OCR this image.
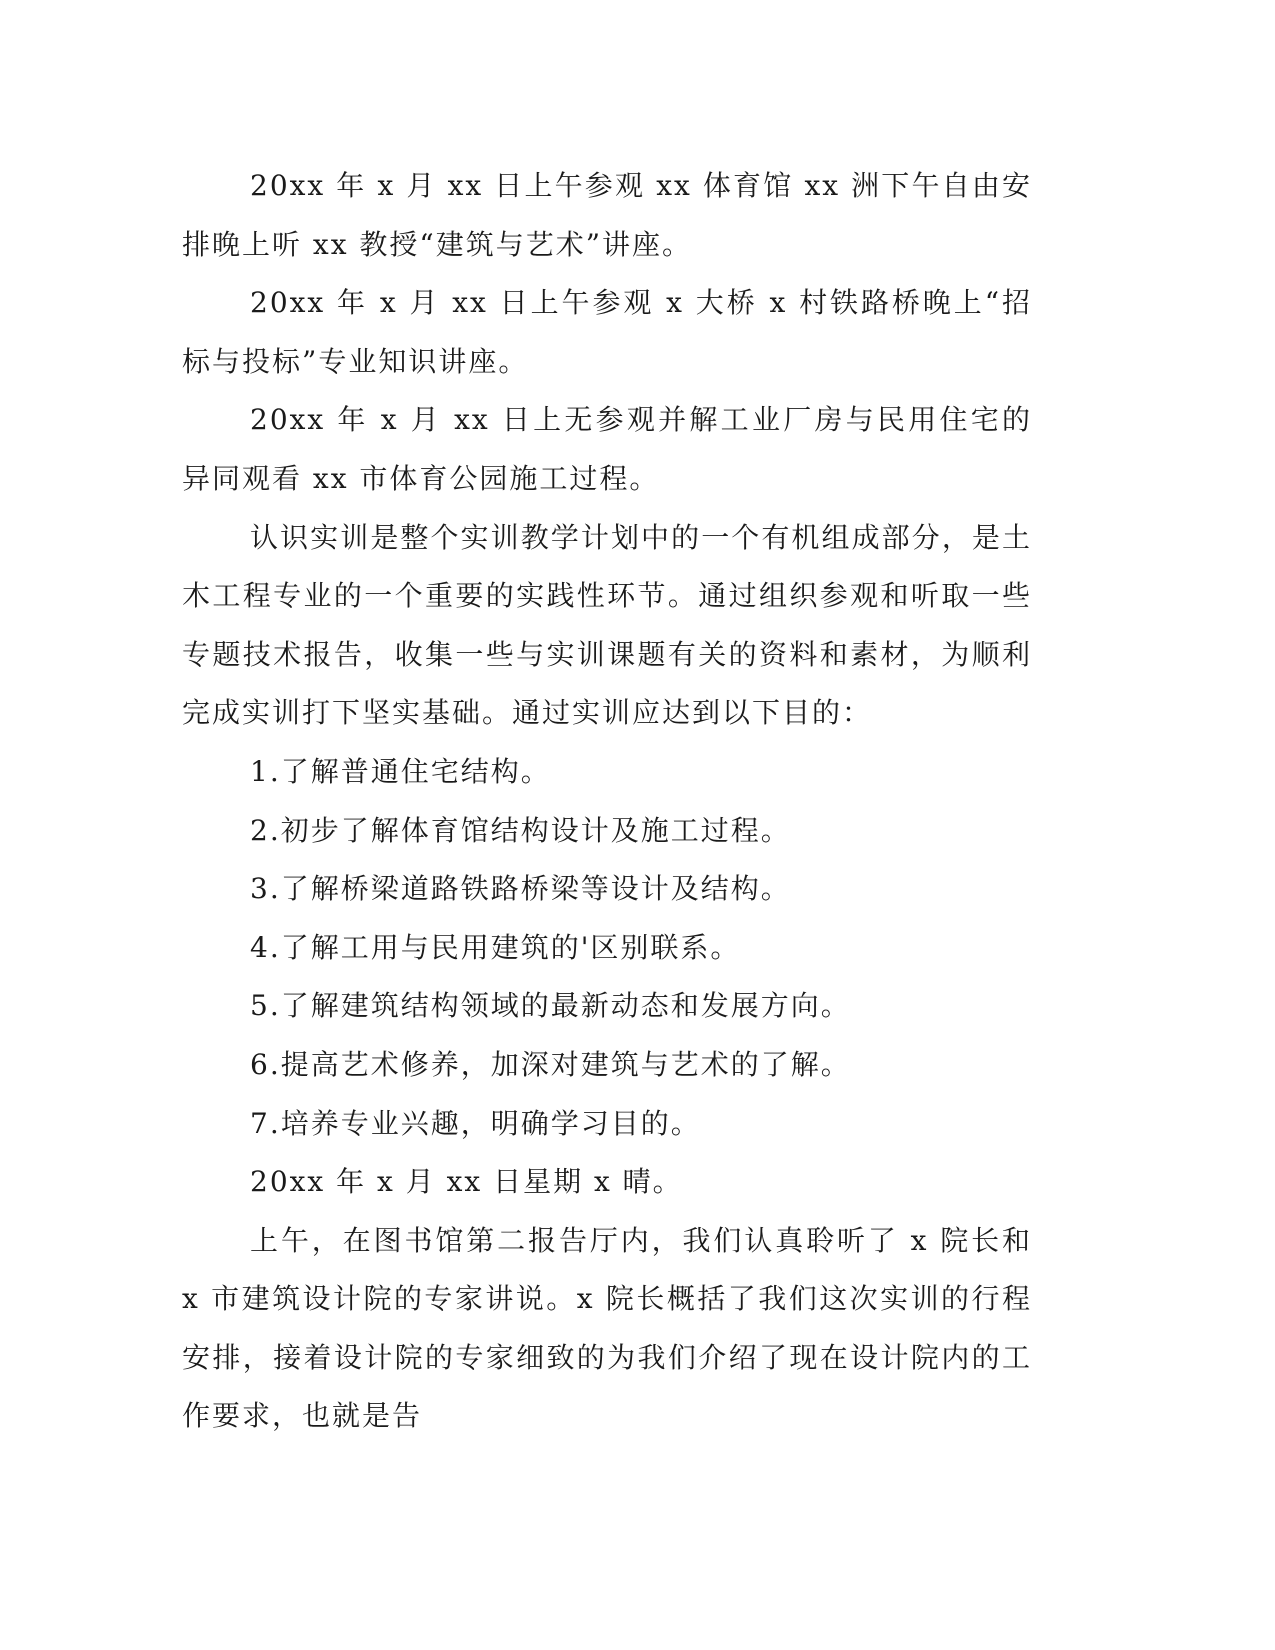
20xx 年 x 月 xx 日上午参观 xx 体育馆 xx 洲下午自由安排晚上听 xx 教授“建筑与艺术”讲座。

20xx 年 x 月 xx 日上午参观 x 大桥 x 村铁路桥晚上“招标与投标”专业知识讲座。

20xx 年 x 月 xx 日上无参观并解工业厂房与民用住宅的异同观看 xx 市体育公园施工过程。

认识实训是整个实训教学计划中的一个有机组成部分，是土木工程专业的一个重要的实践性环节。通过组织参观和听取一些专题技术报告，收集一些与实训课题有关的资料和素材，为顺利完成实训打下坚实基础。通过实训应达到以下目的：

1.了解普通住宅结构。

2.初步了解体育馆结构设计及施工过程。

3.了解桥梁道路铁路桥梁等设计及结构。

4.了解工用与民用建筑的'区别联系。

5.了解建筑结构领域的最新动态和发展方向。

6.提高艺术修养，加深对建筑与艺术的了解。

7.培养专业兴趣，明确学习目的。

20xx 年 x 月 xx 日星期 x 晴。

上午，在图书馆第二报告厅内，我们认真聆听了 x 院长和 x 市建筑设计院的专家讲说。x 院长概括了我们这次实训的行程安排，接着设计院的专家细致的为我们介绍了现在设计院内的工作要求，也就是告
